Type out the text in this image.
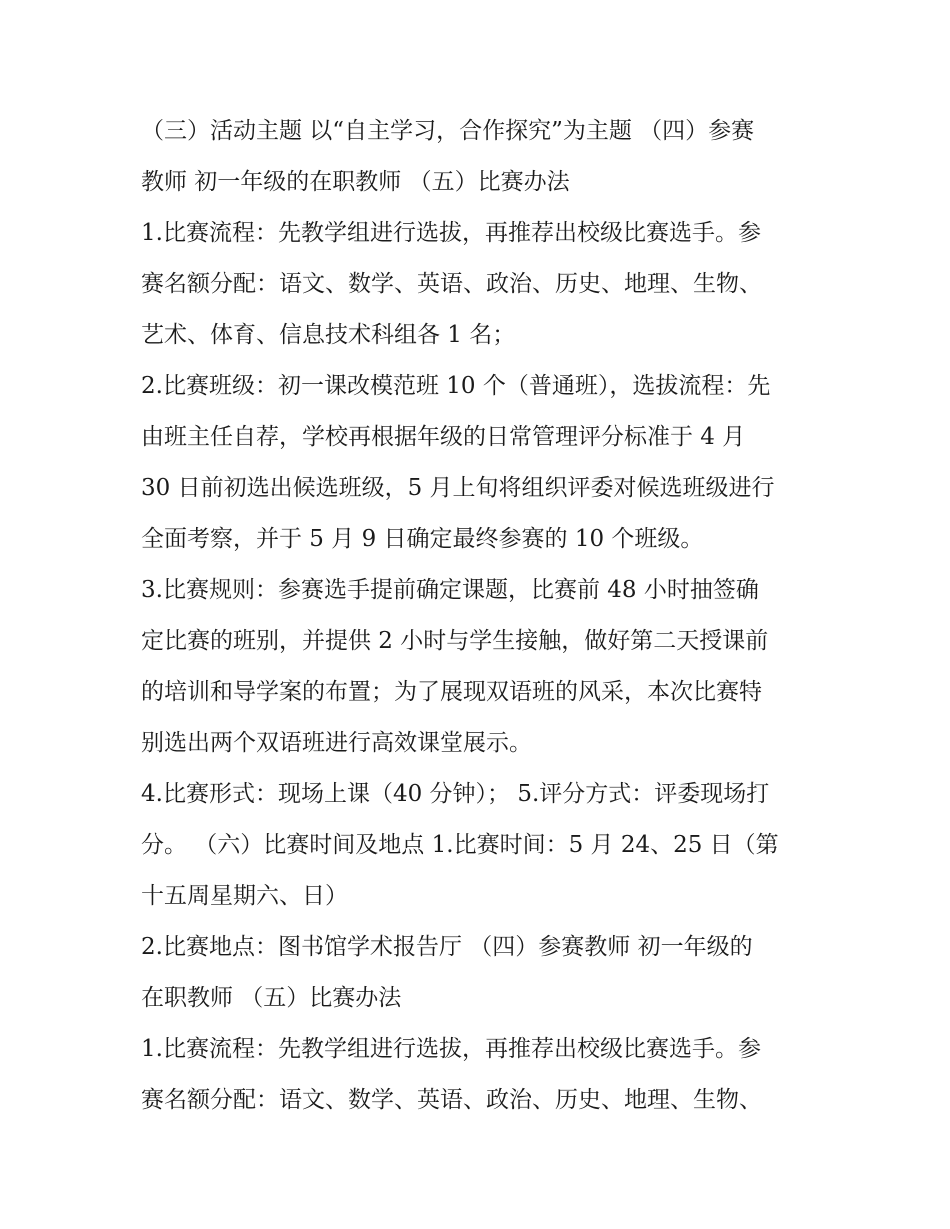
（三）活动主题 以“自主学习，合作探究”为主题 （四）参赛
教师 初一年级的在职教师 （五）比赛办法
1.比赛流程：先教学组进行选拔，再推荐出校级比赛选手。参
赛名额分配：语文、数学、英语、政治、历史、地理、生物、
艺术、体育、信息技术科组各 1 名；
2.比赛班级：初一课改模范班 10 个（普通班），选拔流程：先
由班主任自荐，学校再根据年级的日常管理评分标准于 4 月
30 日前初选出候选班级，5 月上旬将组织评委对候选班级进行
全面考察，并于 5 月 9 日确定最终参赛的 10 个班级。
3.比赛规则：参赛选手提前确定课题，比赛前 48 小时抽签确
定比赛的班别，并提供 2 小时与学生接触，做好第二天授课前
的培训和导学案的布置；为了展现双语班的风采，本次比赛特
别选出两个双语班进行高效课堂展示。
4.比赛形式：现场上课（40 分钟）； 5.评分方式：评委现场打
分。 （六）比赛时间及地点 1.比赛时间：5 月 24、25 日（第
十五周星期六、日）
2.比赛地点：图书馆学术报告厅 （四）参赛教师 初一年级的
在职教师 （五）比赛办法
1.比赛流程：先教学组进行选拔，再推荐出校级比赛选手。参
赛名额分配：语文、数学、英语、政治、历史、地理、生物、
